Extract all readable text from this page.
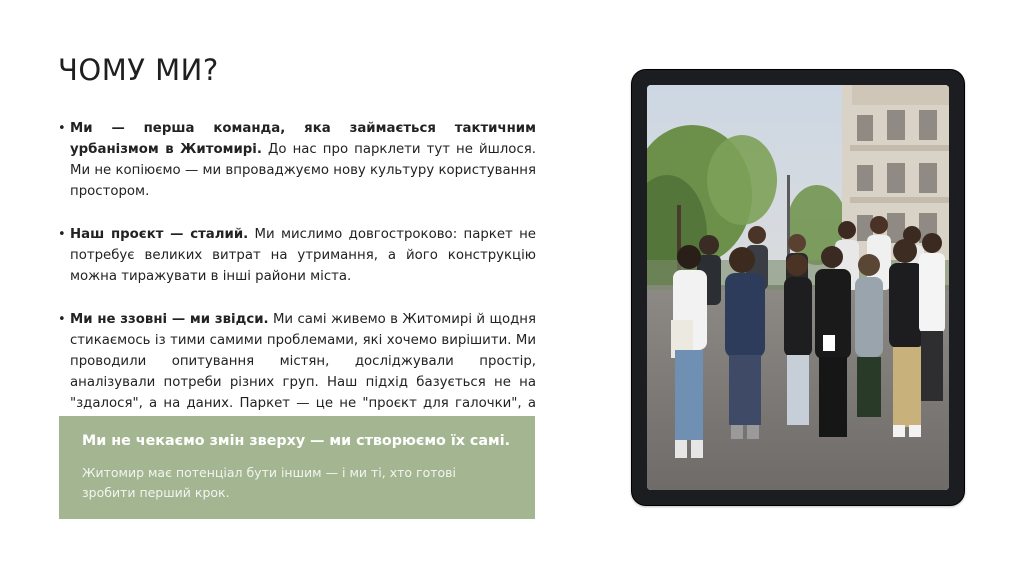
ЧОМУ МИ?
• Ми — перша команда, яка займається тактичним урбанізмом в Житомирі. До нас про парклети тут не йшлося. Ми не копіюємо — ми впроваджуємо нову культуру користування простором.
• Наш проєкт — сталий. Ми мислимо довгостроково: паркет не потребує великих витрат на утримання, а його конструкцію можна тиражувати в інші райони міста.
• Ми не ззовні — ми звідси. Ми самі живемо в Житомирі й щодня стикаємось із тими самими проблемами, які хочемо вирішити. Ми проводили опитування містян, досліджували простір, аналізували потреби різних груп. Наш підхід базується не на "здалося", а на даних. Паркет — це не "проєкт для галочки", а

Ми не чекаємо змін зверху — ми створюємо їх самі.

Житомир має потенціал бути іншим — і ми ті, хто готові зробити перший крок.
